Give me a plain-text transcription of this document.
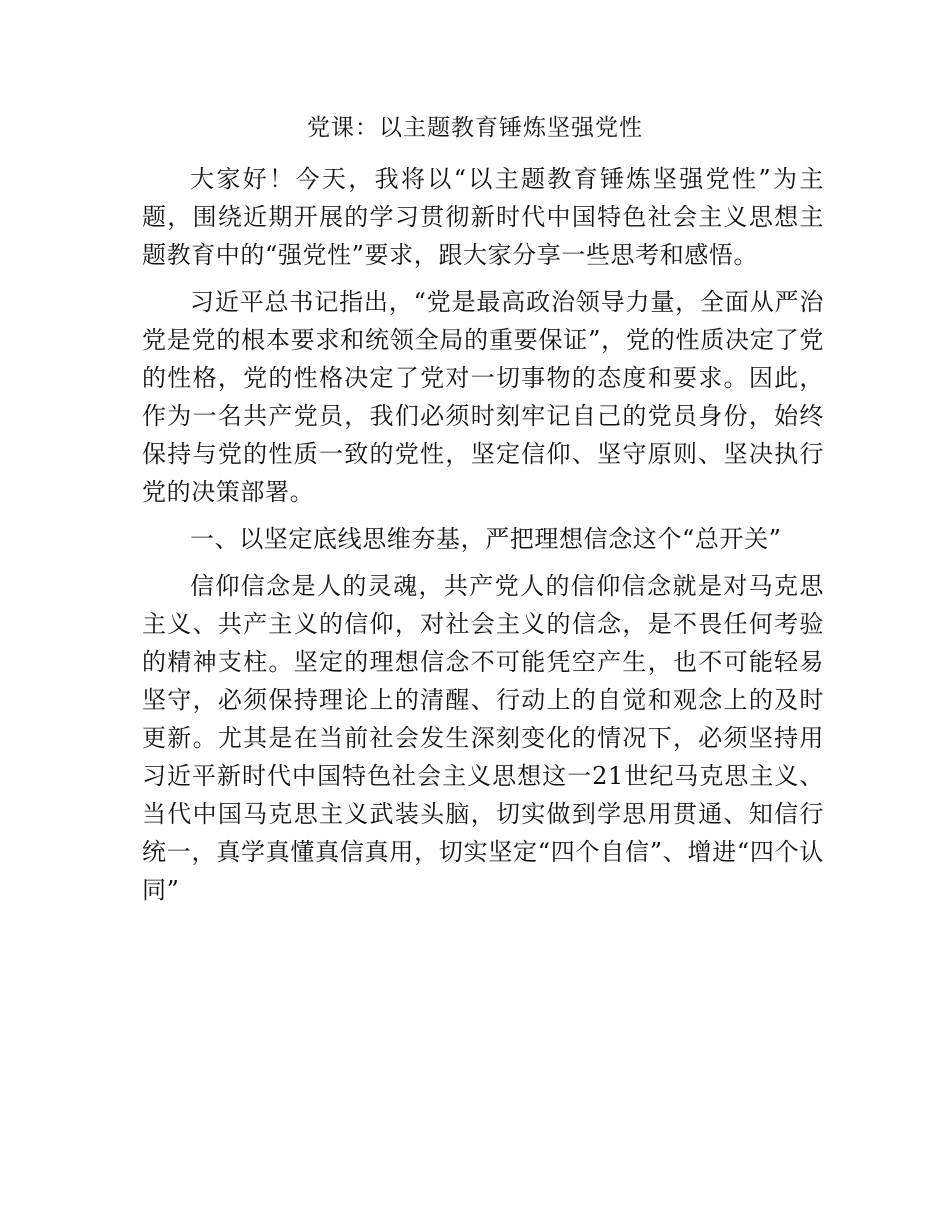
党课：以主题教育锤炼坚强党性

大家好！今天，我将以“以主题教育锤炼坚强党性”为主题，围绕近期开展的学习贯彻新时代中国特色社会主义思想主题教育中的“强党性”要求，跟大家分享一些思考和感悟。

习近平总书记指出，“党是最高政治领导力量，全面从严治党是党的根本要求和统领全局的重要保证”，党的性质决定了党的性格，党的性格决定了党对一切事物的态度和要求。因此，作为一名共产党员，我们必须时刻牢记自己的党员身份，始终保持与党的性质一致的党性，坚定信仰、坚守原则、坚决执行党的决策部署。

一、以坚定底线思维夯基，严把理想信念这个“总开关”

信仰信念是人的灵魂，共产党人的信仰信念就是对马克思主义、共产主义的信仰，对社会主义的信念，是不畏任何考验的精神支柱。坚定的理想信念不可能凭空产生，也不可能轻易坚守，必须保持理论上的清醒、行动上的自觉和观念上的及时更新。尤其是在当前社会发生深刻变化的情况下，必须坚持用习近平新时代中国特色社会主义思想这一21世纪马克思主义、当代中国马克思主义武装头脑，切实做到学思用贯通、知信行统一，真学真懂真信真用，切实坚定“四个自信”、增进“四个认同”
